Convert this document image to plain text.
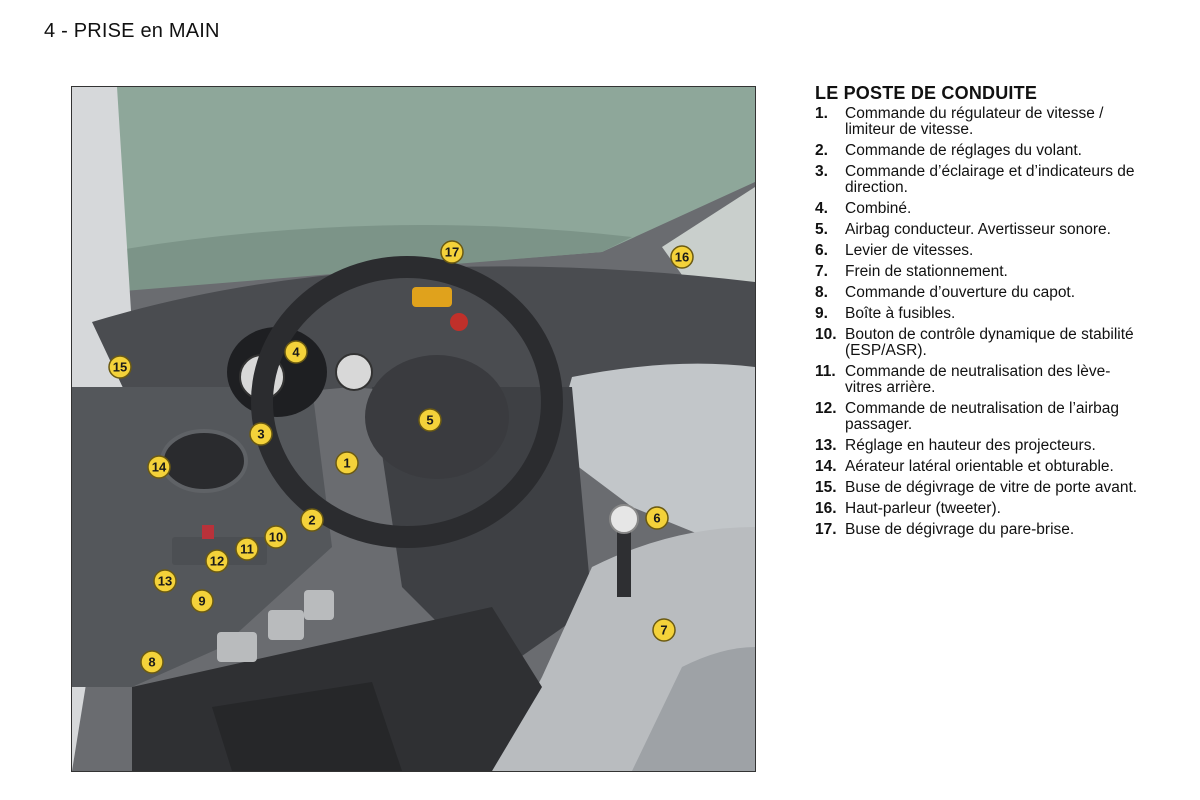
4 - PRISE en MAIN
1
2
3
4
5
6
7
8
9
10
11
12
13
14
15
16
17
LE POSTE DE CONDUITE
1.	Commande du régulateur de vitesse / limiteur de vitesse.
2.	Commande de réglages du volant.
3.	Commande d’éclairage et d’indicateurs de direction.
4.	Combiné.
5.	Airbag conducteur. Avertisseur sonore.
6.	Levier de vitesses.
7.	Frein de stationnement.
8.	Commande d’ouverture du capot.
9.	Boîte à fusibles.
10. Bouton de contrôle dynamique de stabilité (ESP/ASR).
11. Commande de neutralisation des lève-vitres arrière.
12. Commande de neutralisation de l’airbag passager.
13. Réglage en hauteur des projecteurs.
14. Aérateur latéral orientable et obturable.
15. Buse de dégivrage de vitre de porte avant.
16. Haut-parleur (tweeter).
17. Buse de dégivrage du pare-brise.
